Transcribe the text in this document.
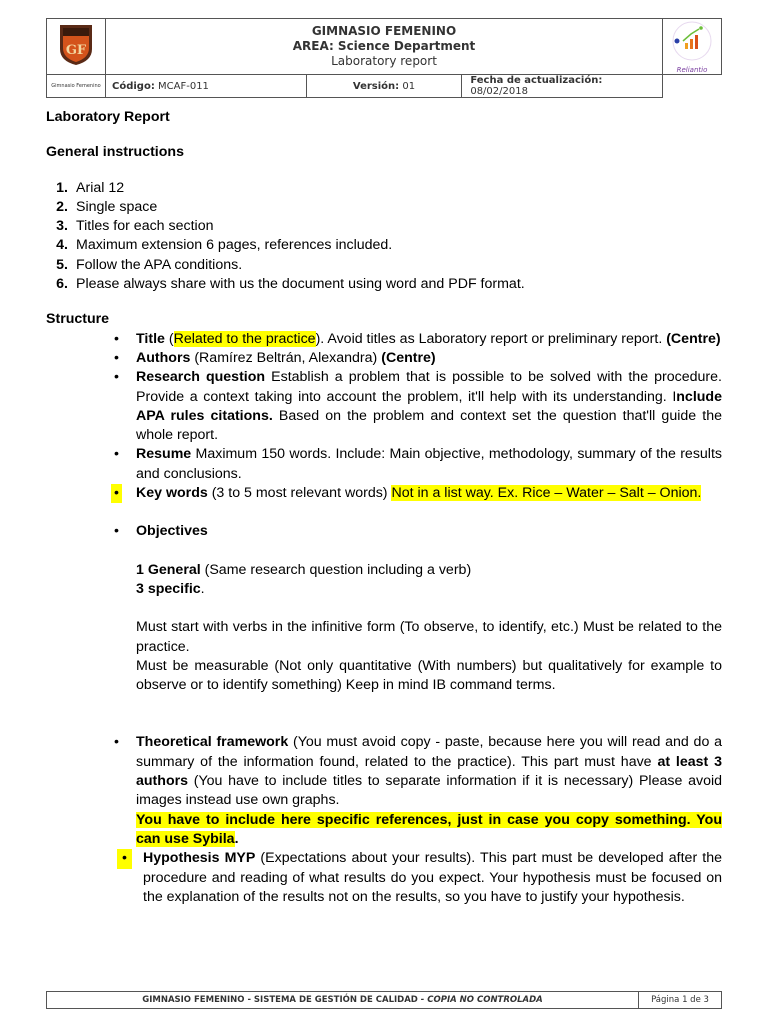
GF

GIMNASIO FEMENINO
AREA: Science Department
Laboratory report

Reliantio

Gimnasio Femenino	Código: MCAF-011	Versión: 01	Fecha de actualización: 08/02/2018
Laboratory Report
General instructions
1. Arial 12
2. Single space
3. Titles for each section
4. Maximum extension 6 pages, references included.
5. Follow the APA conditions.
6. Please always share with us the document using word and PDF format.
Structure
• Title (Related to the practice). Avoid titles as Laboratory report or preliminary report. (Centre)
• Authors (Ramírez Beltrán, Alexandra) (Centre)
• Research question Establish a problem that is possible to be solved with the procedure. Provide a context taking into account the problem, it'll help with its understanding. Include APA rules citations. Based on the problem and context set the question that'll guide the whole report.
• Resume Maximum 150 words. Include: Main objective, methodology, summary of the results and conclusions.
• Key words (3 to 5 most relevant words) Not in a list way. Ex. Rice – Water – Salt – Onion.
• Objectives
1 General (Same research question including a verb)
3 specific.
Must start with verbs in the infinitive form (To observe, to identify, etc.) Must be related to the practice.
Must be measurable (Not only quantitative (With numbers) but qualitatively for example to observe or to identify something) Keep in mind IB command terms.
• Theoretical framework (You must avoid copy - paste, because here you will read and do a summary of the information found, related to the practice). This part must have at least 3 authors (You have to include titles to separate information if it is necessary) Please avoid images instead use own graphs.
You have to include here specific references, just in case you copy something. You can use Sybila.
•	Hypothesis MYP (Expectations about your results). This part must be developed after the procedure and reading of what results do you expect. Your hypothesis must be focused on the explanation of the results not on the results, so you have to justify your hypothesis.
GIMNASIO FEMENINO - SISTEMA DE GESTIÓN DE CALIDAD - COPIA NO CONTROLADA	Página 1 de 3
